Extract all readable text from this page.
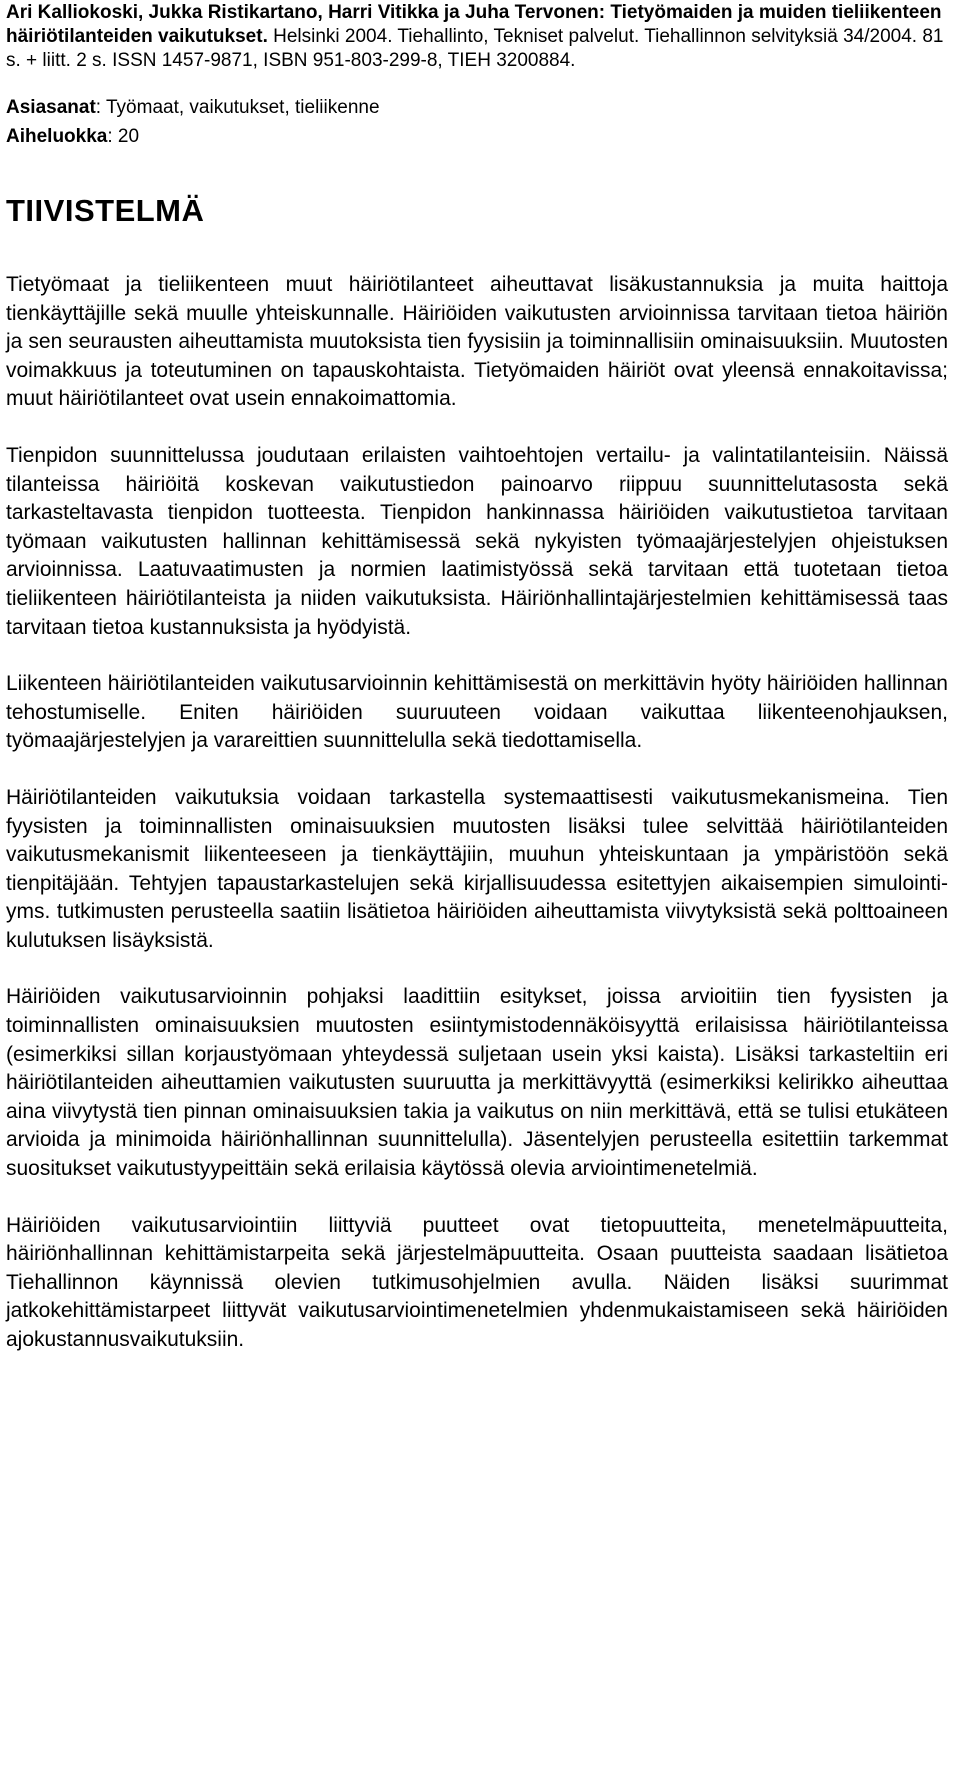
Ari Kalliokoski, Jukka Ristikartano, Harri Vitikka ja Juha Tervonen: Tietyömaiden ja muiden tieliikenteen häiriötilanteiden vaikutukset. Helsinki 2004. Tiehallinto, Tekniset palvelut. Tiehallinnon selvityksiä 34/2004. 81 s. + liitt. 2 s. ISSN 1457-9871, ISBN 951-803-299-8, TIEH 3200884.

Asiasanat: Työmaat, vaikutukset, tieliikenne
Aiheluokka: 20
TIIVISTELMÄ

Tietyömaat ja tieliikenteen muut häiriötilanteet aiheuttavat lisäkustannuksia ja muita haittoja tienkäyttäjille sekä muulle yhteiskunnalle. Häiriöiden vaikutusten arvioinnissa tarvitaan tietoa häiriön ja sen seurausten aiheuttamista muutoksista tien fyysisiin ja toiminnallisiin ominaisuuksiin. Muutosten voimakkuus ja toteutuminen on tapauskohtaista. Tietyömaiden häiriöt ovat yleensä ennakoitavissa; muut häiriötilanteet ovat usein ennakoimattomia.

Tienpidon suunnittelussa joudutaan erilaisten vaihtoehtojen vertailu- ja valintatilanteisiin. Näissä tilanteissa häiriöitä koskevan vaikutustiedon painoarvo riippuu suunnittelutasosta sekä tarkasteltavasta tienpidon tuotteesta. Tienpidon hankinnassa häiriöiden vaikutustietoa tarvitaan työmaan vaikutusten hallinnan kehittämisessä sekä nykyisten työmaajärjestelyjen ohjeistuksen arvioinnissa. Laatuvaatimusten ja normien laatimistyössä sekä tarvitaan että tuotetaan tietoa tieliikenteen häiriötilanteista ja niiden vaikutuksista. Häiriönhallintajärjestelmien kehittämisessä taas tarvitaan tietoa kustannuksista ja hyödyistä.

Liikenteen häiriötilanteiden vaikutusarvioinnin kehittämisestä on merkittävin hyöty häiriöiden hallinnan tehostumiselle. Eniten häiriöiden suuruuteen voidaan vaikuttaa liikenteenohjauksen, työmaajärjestelyjen ja varareittien suunnittelulla sekä tiedottamisella.

Häiriötilanteiden vaikutuksia voidaan tarkastella systemaattisesti vaikutusmekanismeina. Tien fyysisten ja toiminnallisten ominaisuuksien muutosten lisäksi tulee selvittää häiriötilanteiden vaikutusmekanismit liikenteeseen ja tienkäyttäjiin, muuhun yhteiskuntaan ja ympäristöön sekä tienpitäjään. Tehtyjen tapaustarkastelujen sekä kirjallisuudessa esitettyjen aikaisempien simulointi- yms. tutkimusten perusteella saatiin lisätietoa häiriöiden aiheuttamista viivytyksistä sekä polttoaineen kulutuksen lisäyksistä.

Häiriöiden vaikutusarvioinnin pohjaksi laadittiin esitykset, joissa arvioitiin tien fyysisten ja toiminnallisten ominaisuuksien muutosten esiintymistodennäköisyyttä erilaisissa häiriötilanteissa (esimerkiksi sillan korjaustyömaan yhteydessä suljetaan usein yksi kaista). Lisäksi tarkasteltiin eri häiriötilanteiden aiheuttamien vaikutusten suuruutta ja merkittävyyttä (esimerkiksi kelirikko aiheuttaa aina viivytystä tien pinnan ominaisuuksien takia ja vaikutus on niin merkittävä, että se tulisi etukäteen arvioida ja minimoida häiriönhallinnan suunnittelulla). Jäsentelyjen perusteella esitettiin tarkemmat suositukset vaikutustyypeittäin sekä erilaisia käytössä olevia arviointimenetelmiä.

Häiriöiden vaikutusarviointiin liittyviä puutteet ovat tietopuutteita, menetelmäpuutteita, häiriönhallinnan kehittämistarpeita sekä järjestelmäpuutteita. Osaan puutteista saadaan lisätietoa Tiehallinnon käynnissä olevien tutkimusohjelmien avulla. Näiden lisäksi suurimmat jatkokehittämistarpeet liittyvät vaikutusarviointimenetelmien yhdenmukaistamiseen sekä häiriöiden ajokustannusvaikutuksiin.
